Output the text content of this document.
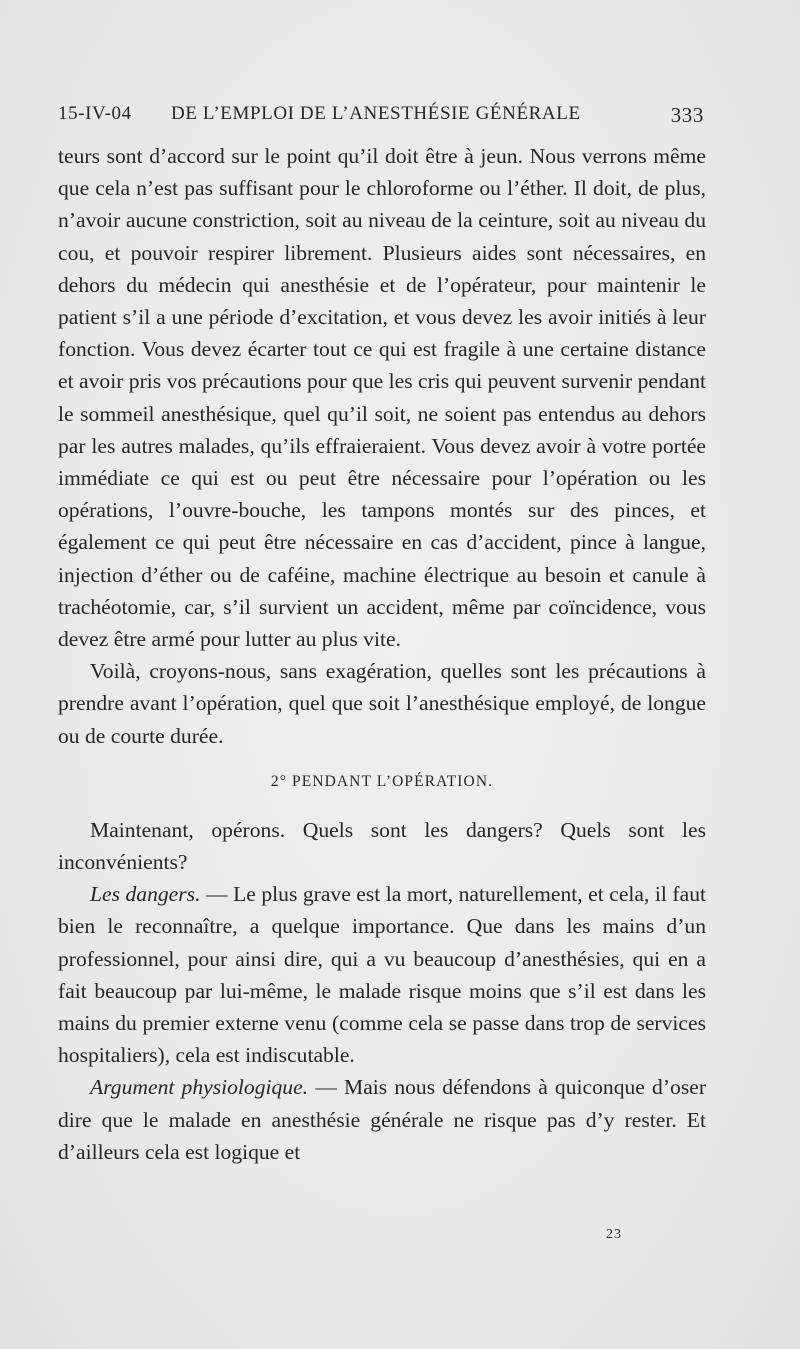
15-IV-04 DE L’EMPLOI DE L’ANESTHÉSIE GÉNÉRALE	333

teurs sont d’accord sur le point qu’il doit être à jeun. Nous verrons même que cela n’est pas suffisant pour le chloroforme ou l’éther. Il doit, de plus, n’avoir aucune constriction, soit au niveau de la ceinture, soit au niveau du cou, et pouvoir respirer librement. Plusieurs aides sont nécessaires, en dehors du médecin qui anesthésie et de l’opérateur, pour maintenir le patient s’il a une période d’excitation, et vous devez les avoir initiés à leur fonction. Vous devez écarter tout ce qui est fragile à une certaine distance et avoir pris vos précautions pour que les cris qui peuvent survenir pendant le sommeil anesthésique, quel qu’il soit, ne soient pas entendus au dehors par les autres malades, qu’ils effraieraient. Vous devez avoir à votre portée immédiate ce qui est ou peut être nécessaire pour l’opération ou les opérations, l’ouvre-bouche, les tampons montés sur des pinces, et également ce qui peut être nécessaire en cas d’accident, pince à langue, injection d’éther ou de caféine, machine électrique au besoin et canule à trachéotomie, car, s’il survient un accident, même par coïncidence, vous devez être armé pour lutter au plus vite.

Voilà, croyons-nous, sans exagération, quelles sont les précautions à prendre avant l’opération, quel que soit l’anesthésique employé, de longue ou de courte durée.

2° PENDANT L’OPÉRATION.

Maintenant, opérons. Quels sont les dangers? Quels sont les inconvénients?

Les dangers. — Le plus grave est la mort, naturellement, et cela, il faut bien le reconnaître, a quelque importance. Que dans les mains d’un professionnel, pour ainsi dire, qui a vu beaucoup d’anesthésies, qui en a fait beaucoup par lui-même, le malade risque moins que s’il est dans les mains du premier externe venu (comme cela se passe dans trop de services hospitaliers), cela est indiscutable.

Argument physiologique. — Mais nous défendons à quiconque d’oser dire que le malade en anesthésie générale ne risque pas d’y rester. Et d’ailleurs cela est logique et

23
